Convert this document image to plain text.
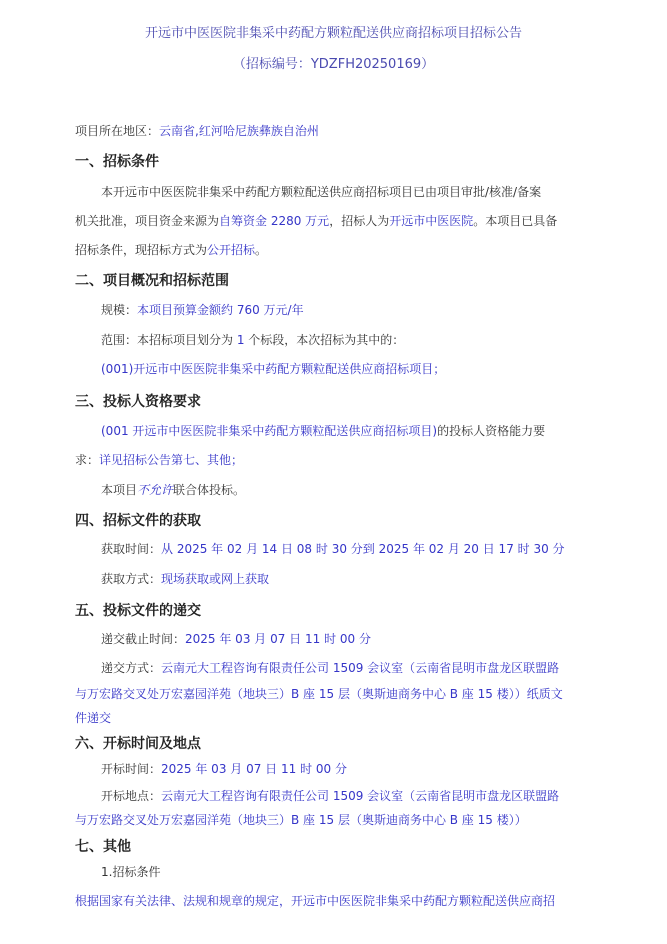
开远市中医医院非集采中药配方颗粒配送供应商招标项目招标公告
（招标编号：YDZFH20250169）
项目所在地区：云南省,红河哈尼族彝族自治州
一、招标条件
本开远市中医医院非集采中药配方颗粒配送供应商招标项目已由项目审批/核准/备案
机关批准，项目资金来源为自筹资金 2280 万元，招标人为开远市中医医院。本项目已具备
招标条件，现招标方式为公开招标。
二、项目概况和招标范围
规模：本项目预算金额约 760 万元/年
范围：本招标项目划分为 1 个标段，本次招标为其中的：
(001)开远市中医医院非集采中药配方颗粒配送供应商招标项目；
三、投标人资格要求
(001 开远市中医医院非集采中药配方颗粒配送供应商招标项目)的投标人资格能力要
求：详见招标公告第七、其他；
本项目不允许联合体投标。
四、招标文件的获取
获取时间：从 2025 年 02 月 14 日 08 时 30 分到 2025 年 02 月 20 日 17 时 30 分
获取方式：现场获取或网上获取
五、投标文件的递交
递交截止时间：2025 年 03 月 07 日 11 时 00 分
递交方式：云南元大工程咨询有限责任公司 1509 会议室（云南省昆明市盘龙区联盟路
与万宏路交叉处万宏嘉园洋苑（地块三）B 座 15 层（奥斯迪商务中心 B 座 15 楼））纸质文
件递交
六、开标时间及地点
开标时间：2025 年 03 月 07 日 11 时 00 分
开标地点：云南元大工程咨询有限责任公司 1509 会议室（云南省昆明市盘龙区联盟路
与万宏路交叉处万宏嘉园洋苑（地块三）B 座 15 层（奥斯迪商务中心 B 座 15 楼））
七、其他
1.招标条件
根据国家有关法律、法规和规章的规定，开远市中医医院非集采中药配方颗粒配送供应商招
